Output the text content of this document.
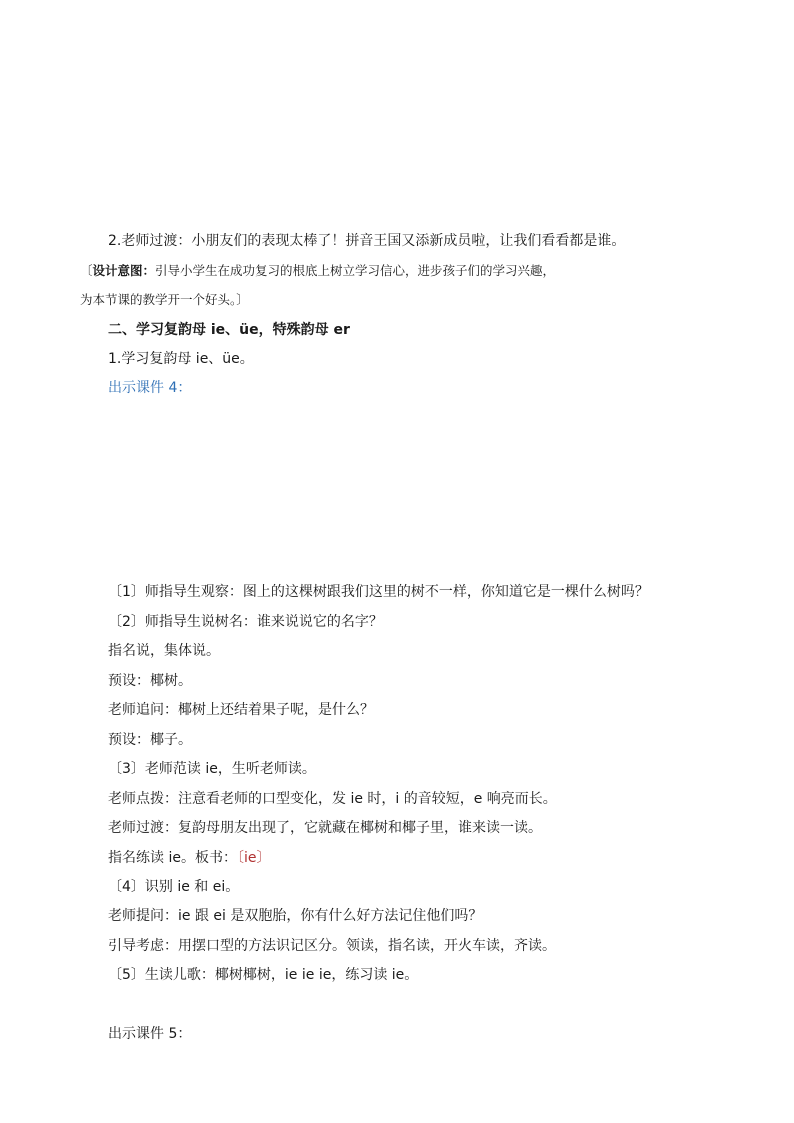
2.老师过渡：小朋友们的表现太棒了！拼音王国又添新成员啦，让我们看看都是谁。
〔设计意图：引导小学生在成功复习的根底上树立学习信心，进步孩子们的学习兴趣，
为本节课的教学开一个好头。〕
二、学习复韵母 ie、üe，特殊韵母 er
1.学习复韵母 ie、üe。
出示课件 4：
〔1〕师指导生观察：图上的这棵树跟我们这里的树不一样，你知道它是一棵什么树吗？
〔2〕师指导生说树名：谁来说说它的名字？
指名说，集体说。
预设：椰树。
老师追问：椰树上还结着果子呢，是什么？
预设：椰子。
〔3〕老师范读 ie，生听老师读。
老师点拨：注意看老师的口型变化，发 ie 时，i 的音较短，e 响亮而长。
老师过渡：复韵母朋友出现了，它就藏在椰树和椰子里，谁来读一读。
指名练读 ie。板书：〔ie〕
〔4〕识别 ie 和 ei。
老师提问：ie 跟 ei 是双胞胎，你有什么好方法记住他们吗？
引导考虑：用摆口型的方法识记区分。领读，指名读，开火车读，齐读。
〔5〕生读儿歌：椰树椰树，ie ie ie，练习读 ie。
出示课件 5：
